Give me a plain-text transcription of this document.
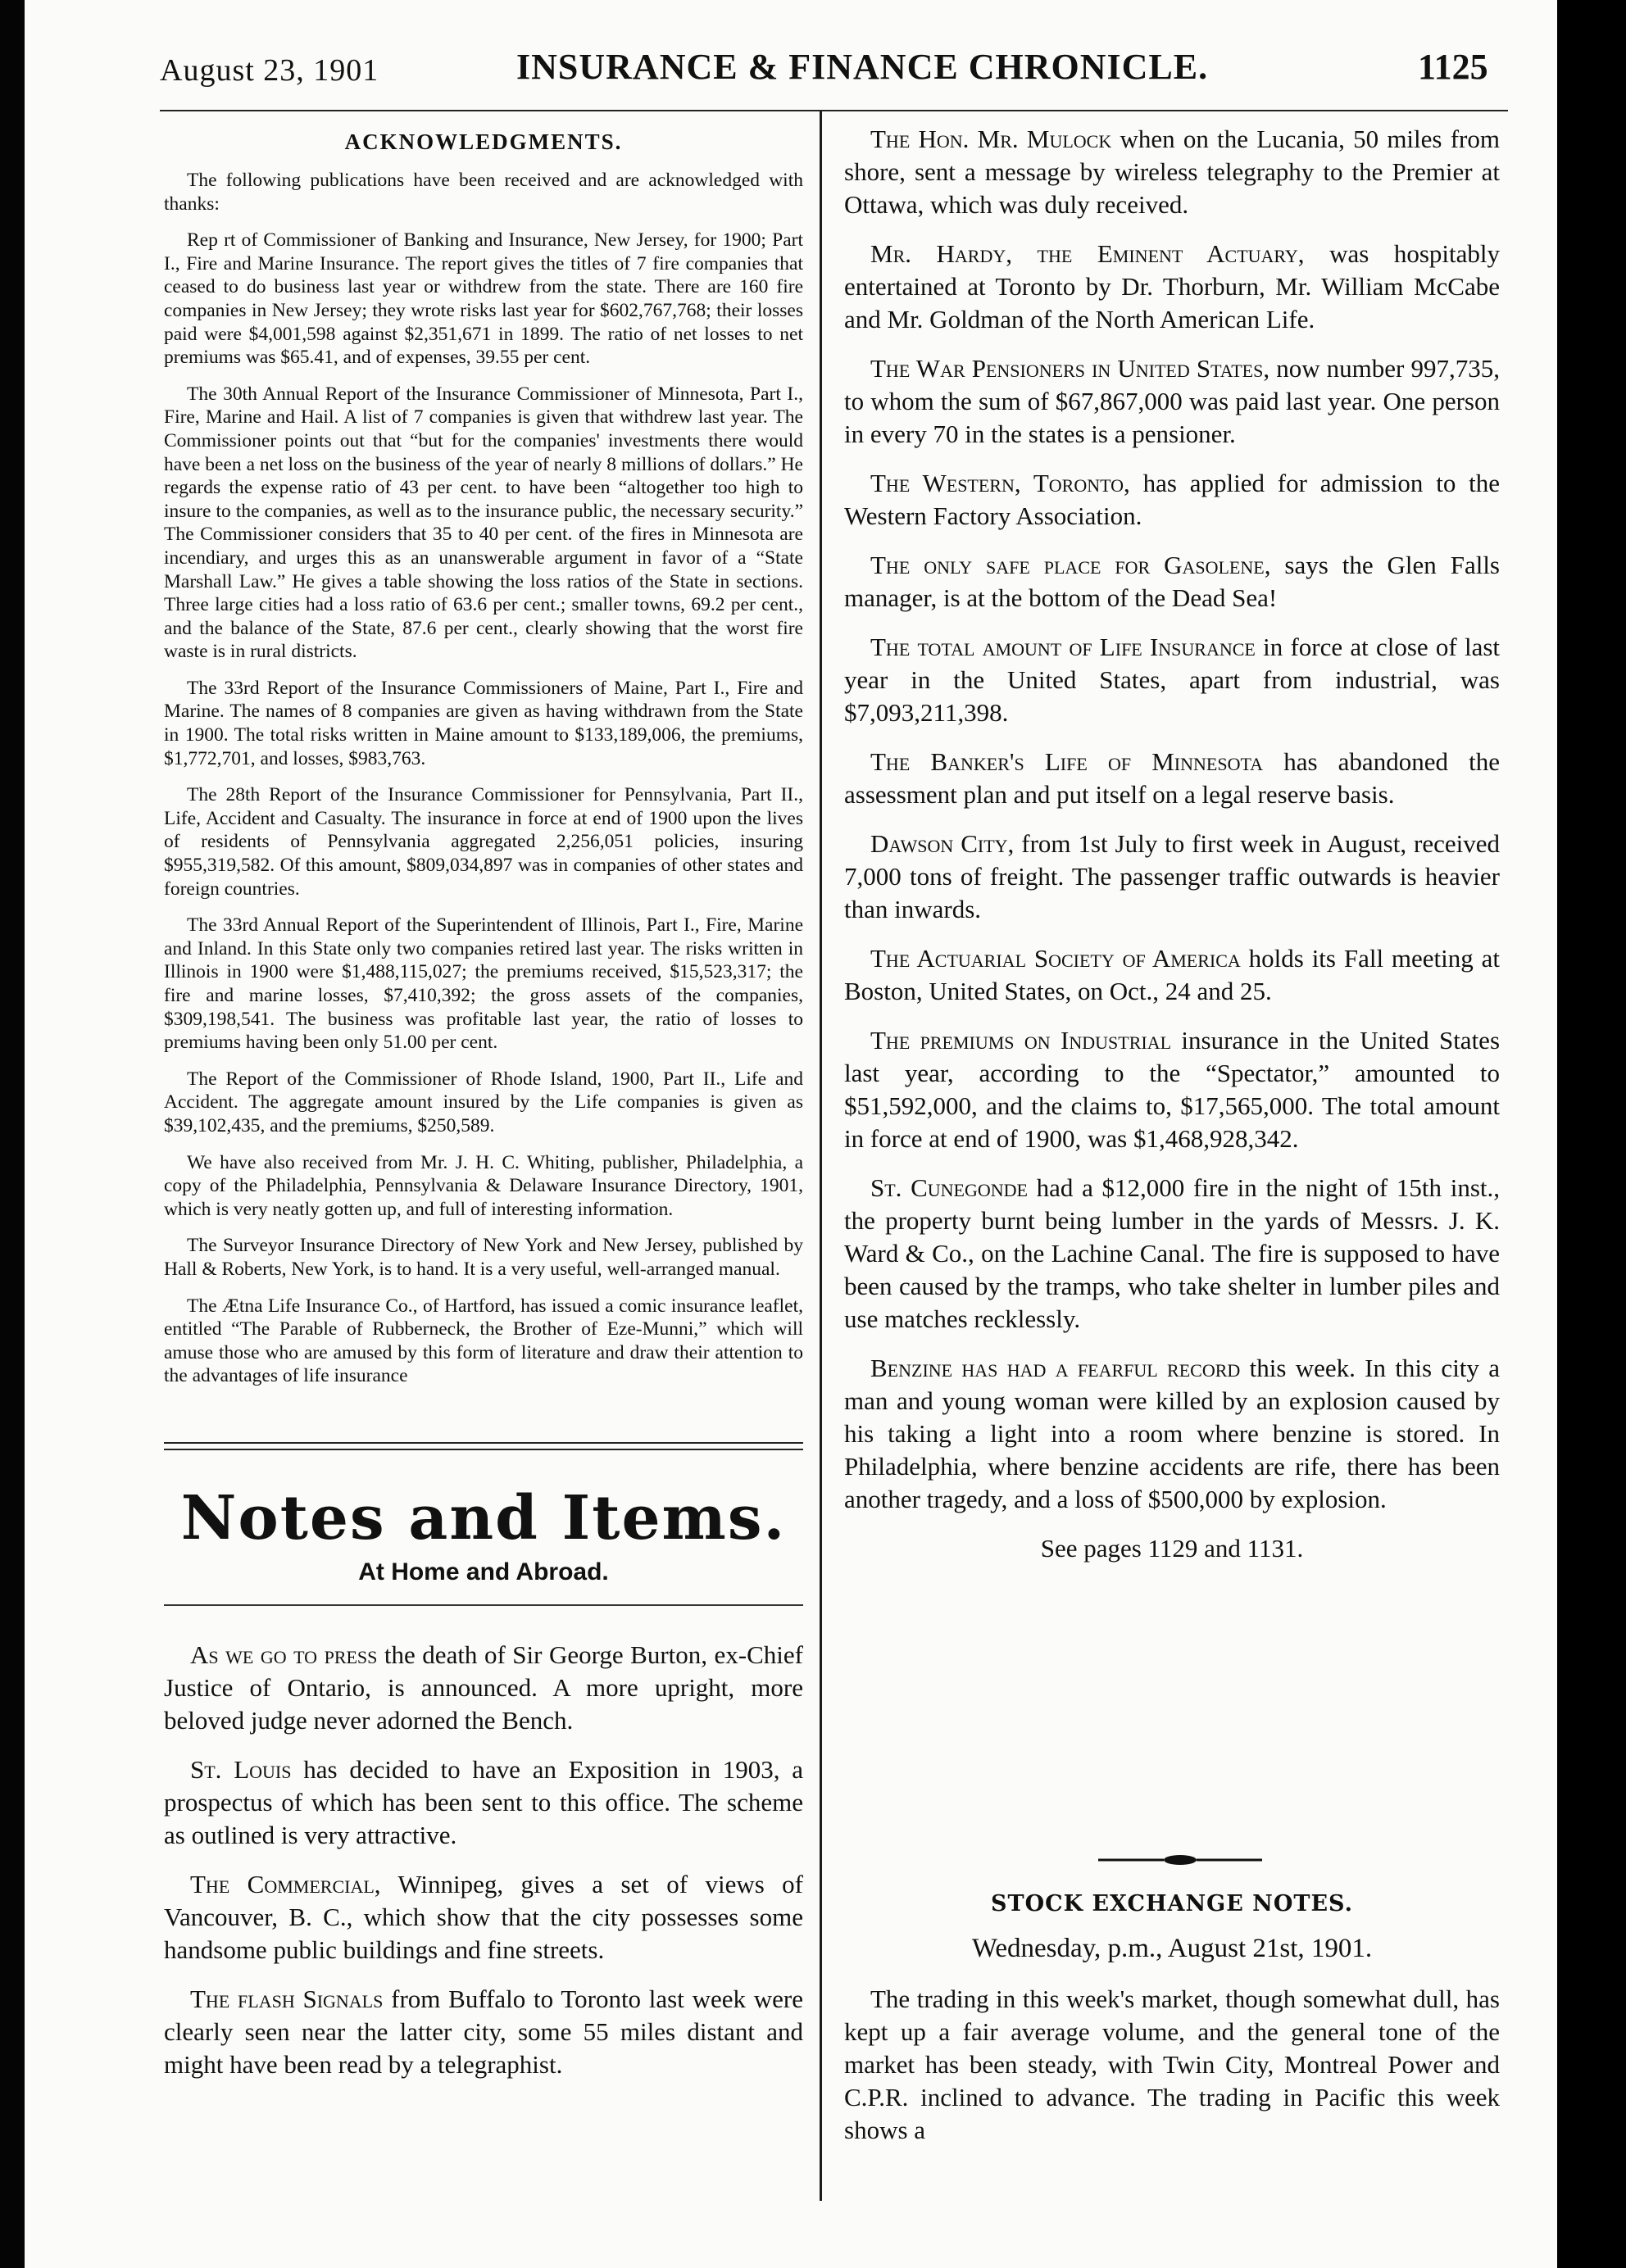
August 23, 1901	INSURANCE & FINANCE CHRONICLE.	1125
ACKNOWLEDGMENTS.

The following publications have been received and are acknowledged with thanks:

Rep rt of Commissioner of Banking and Insurance, New Jersey, for 1900; Part I., Fire and Marine Insurance. The report gives the titles of 7 fire companies that ceased to do business last year or withdrew from the state. There are 160 fire companies in New Jersey; they wrote risks last year for $602,767,768; their losses paid were $4,001,598 against $2,351,671 in 1899. The ratio of net losses to net premiums was $65.41, and of expenses, 39.55 per cent.

The 30th Annual Report of the Insurance Commissioner of Minnesota, Part I., Fire, Marine and Hail. A list of 7 companies is given that withdrew last year. The Commissioner points out that “but for the companies' investments there would have been a net loss on the business of the year of nearly 8 millions of dollars.” He regards the expense ratio of 43 per cent. to have been “altogether too high to insure to the companies, as well as to the insurance public, the necessary security.” The Commissioner considers that 35 to 40 per cent. of the fires in Minnesota are incendiary, and urges this as an unanswerable argument in favor of a “State Marshall Law.” He gives a table showing the loss ratios of the State in sections. Three large cities had a loss ratio of 63.6 per cent.; smaller towns, 69.2 per cent., and the balance of the State, 87.6 per cent., clearly showing that the worst fire waste is in rural districts.

The 33rd Report of the Insurance Commissioners of Maine, Part I., Fire and Marine. The names of 8 companies are given as having withdrawn from the State in 1900. The total risks written in Maine amount to $133,189,006, the premiums, $1,772,701, and losses, $983,763.

The 28th Report of the Insurance Commissioner for Pennsylvania, Part II., Life, Accident and Casualty. The insurance in force at end of 1900 upon the lives of residents of Pennsylvania aggregated 2,256,051 policies, insuring $955,319,582. Of this amount, $809,034,897 was in companies of other states and foreign countries.

The 33rd Annual Report of the Superintendent of Illinois, Part I., Fire, Marine and Inland. In this State only two companies retired last year. The risks written in Illinois in 1900 were $1,488,115,027; the premiums received, $15,523,317; the fire and marine losses, $7,410,392; the gross assets of the companies, $309,198,541. The business was profitable last year, the ratio of losses to premiums having been only 51.00 per cent.

The Report of the Commissioner of Rhode Island, 1900, Part II., Life and Accident. The aggregate amount insured by the Life companies is given as $39,102,435, and the premiums, $250,589.

We have also received from Mr. J. H. C. Whiting, publisher, Philadelphia, a copy of the Philadelphia, Pennsylvania & Delaware Insurance Directory, 1901, which is very neatly gotten up, and full of interesting information.

The Surveyor Insurance Directory of New York and New Jersey, published by Hall & Roberts, New York, is to hand. It is a very useful, well-arranged manual.

The Ætna Life Insurance Co., of Hartford, has issued a comic insurance leaflet, entitled “The Parable of Rubberneck, the Brother of Eze-Munni,” which will amuse those who are amused by this form of literature and draw their attention to the advantages of life insurance

Notes and Items.
At Home and Abroad.

As we go to press the death of Sir George Burton, ex-Chief Justice of Ontario, is announced. A more upright, more beloved judge never adorned the Bench.

St. Louis has decided to have an Exposition in 1903, a prospectus of which has been sent to this office. The scheme as outlined is very attractive.

The Commercial, Winnipeg, gives a set of views of Vancouver, B. C., which show that the city possesses some handsome public buildings and fine streets.

The flash Signals from Buffalo to Toronto last week were clearly seen near the latter city, some 55 miles distant and might have been read by a telegraphist.

The Hon. Mr. Mulock when on the Lucania, 50 miles from shore, sent a message by wireless telegraphy to the Premier at Ottawa, which was duly received.

Mr. Hardy, the Eminent Actuary, was hospitably entertained at Toronto by Dr. Thorburn, Mr. William McCabe and Mr. Goldman of the North American Life.

The War Pensioners in United States, now number 997,735, to whom the sum of $67,867,000 was paid last year. One person in every 70 in the states is a pensioner.

The Western, Toronto, has applied for admission to the Western Factory Association.

The only safe place for Gasolene, says the Glen Falls manager, is at the bottom of the Dead Sea!

The total amount of Life Insurance in force at close of last year in the United States, apart from industrial, was $7,093,211,398.

The Banker's Life of Minnesota has abandoned the assessment plan and put itself on a legal reserve basis.

Dawson City, from 1st July to first week in August, received 7,000 tons of freight. The passenger traffic outwards is heavier than inwards.

The Actuarial Society of America holds its Fall meeting at Boston, United States, on Oct., 24 and 25.

The premiums on Industrial insurance in the United States last year, according to the “Spectator,” amounted to $51,592,000, and the claims to, $17,565,000. The total amount in force at end of 1900, was $1,468,928,342.

St. Cunegonde had a $12,000 fire in the night of 15th inst., the property burnt being lumber in the yards of Messrs. J. K. Ward & Co., on the Lachine Canal. The fire is supposed to have been caused by the tramps, who take shelter in lumber piles and use matches recklessly.

Benzine has had a fearful record this week. In this city a man and young woman were killed by an explosion caused by his taking a light into a room where benzine is stored. In Philadelphia, where benzine accidents are rife, there has been another tragedy, and a loss of $500,000 by explosion.

See pages 1129 and 1131.

STOCK EXCHANGE NOTES.
Wednesday, p.m., August 21st, 1901.

The trading in this week's market, though somewhat dull, has kept up a fair average volume, and the general tone of the market has been steady, with Twin City, Montreal Power and C.P.R. inclined to advance. The trading in Pacific this week shows a
